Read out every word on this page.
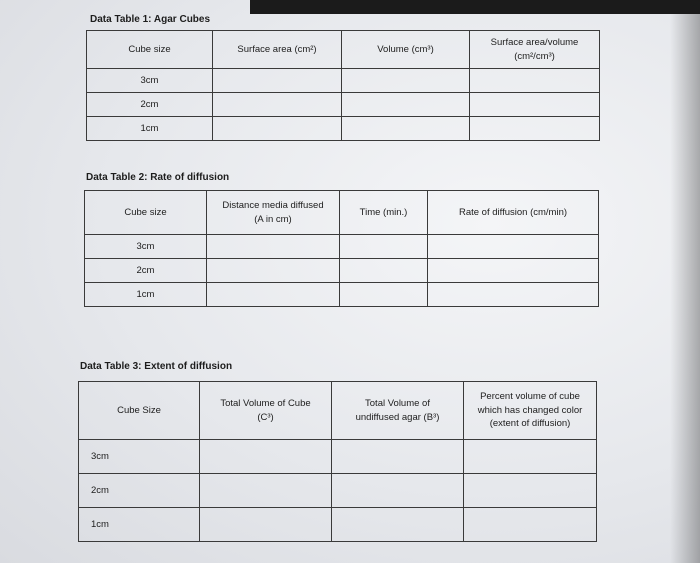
Data Table 1: Agar Cubes
Cube size	Surface area (cm²)	Volume (cm³)	Surface area/volume
(cm²/cm³)
3cm			
2cm			
1cm			
Data Table 2: Rate of diffusion
Cube size	Distance media diffused
(A in cm)	Time (min.)	Rate of diffusion (cm/min)
3cm			
2cm			
1cm			
Data Table 3: Extent of diffusion
Cube Size	Total Volume of Cube
(C³)	Total Volume of
undiffused agar (B³)	Percent volume of cube
which has changed color
(extent of diffusion)
3cm			
2cm			
1cm			
